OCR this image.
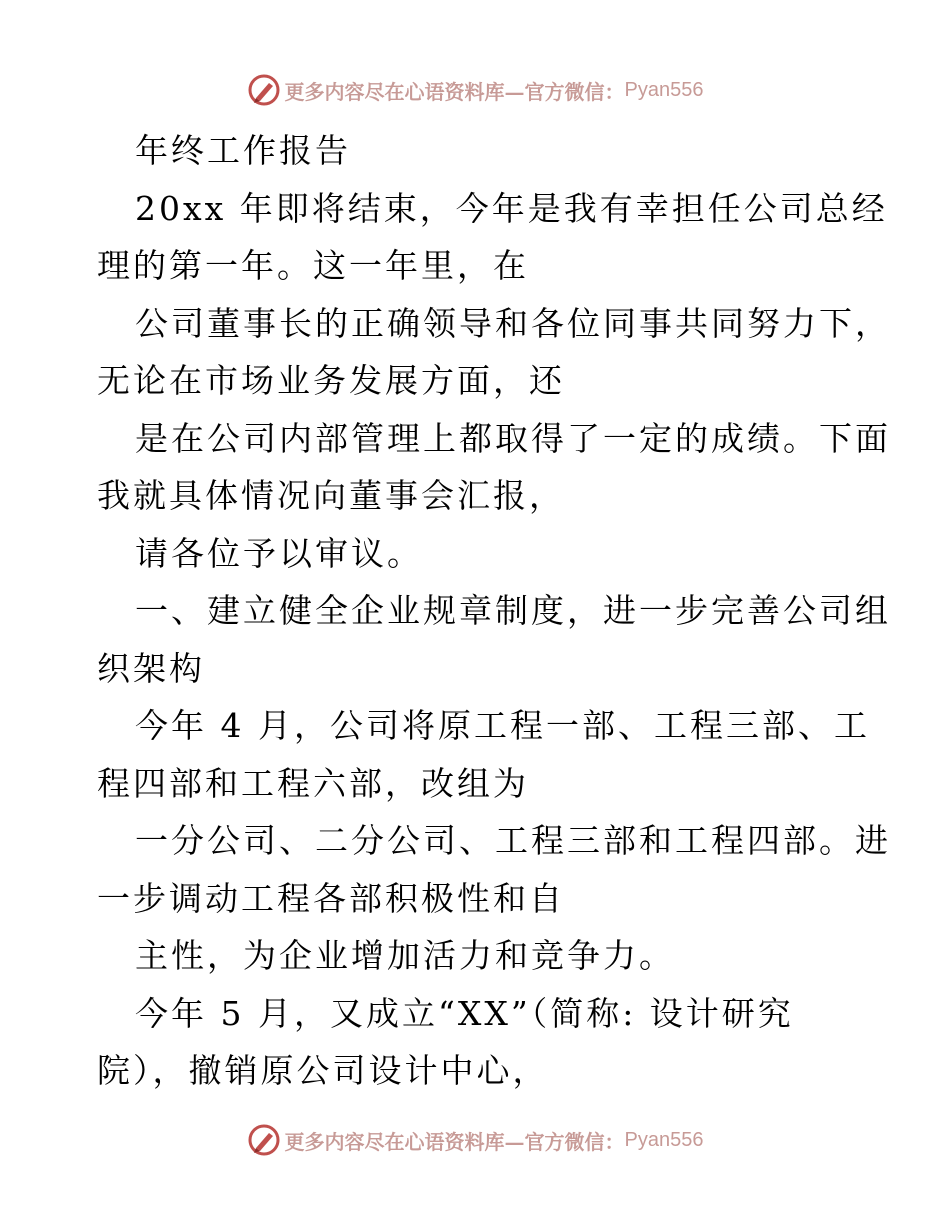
更多内容尽在心语资料库—官方微信： Pyan556
年终工作报告
20xx 年即将结束，今年是我有幸担任公司总经
理的第一年。这一年里，在
公司董事长的正确领导和各位同事共同努力下，
无论在市场业务发展方面，还
是在公司内部管理上都取得了一定的成绩。下面
我就具体情况向董事会汇报，
请各位予以审议。
一、建立健全企业规章制度，进一步完善公司组
织架构
今年 4 月，公司将原工程一部、工程三部、工
程四部和工程六部，改组为
一分公司、二分公司、工程三部和工程四部。进
一步调动工程各部积极性和自
主性，为企业增加活力和竞争力。
今年 5 月，又成立“XX”（简称: 设计研究
院），撤销原公司设计中心，
更多内容尽在心语资料库—官方微信： Pyan556
